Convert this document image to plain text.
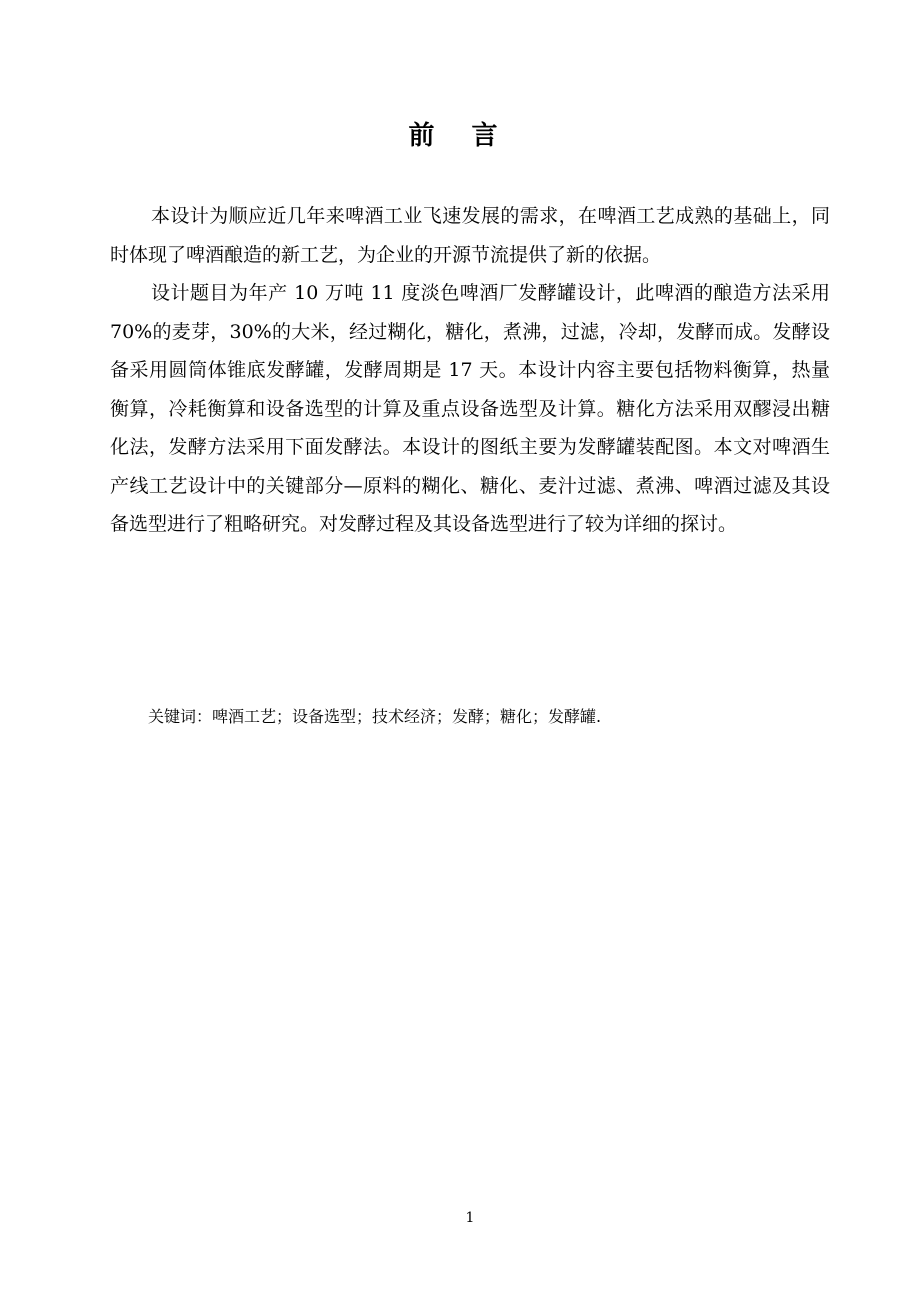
前 言

本设计为顺应近几年来啤酒工业飞速发展的需求，在啤酒工艺成熟的基础上，同时体现了啤酒酿造的新工艺，为企业的开源节流提供了新的依据。

设计题目为年产 10 万吨 11 度淡色啤酒厂发酵罐设计，此啤酒的酿造方法采用 70%的麦芽，30%的大米，经过糊化，糖化，煮沸，过滤，冷却，发酵而成。发酵设备采用圆筒体锥底发酵罐，发酵周期是 17 天。本设计内容主要包括物料衡算，热量衡算，冷耗衡算和设备选型的计算及重点设备选型及计算。糖化方法采用双醪浸出糖化法，发酵方法采用下面发酵法。本设计的图纸主要为发酵罐装配图。本文对啤酒生产线工艺设计中的关键部分—原料的糊化、糖化、麦汁过滤、煮沸、啤酒过滤及其设备选型进行了粗略研究。对发酵过程及其设备选型进行了较为详细的探讨。

关键词：啤酒工艺；设备选型；技术经济；发酵；糖化；发酵罐.
1
